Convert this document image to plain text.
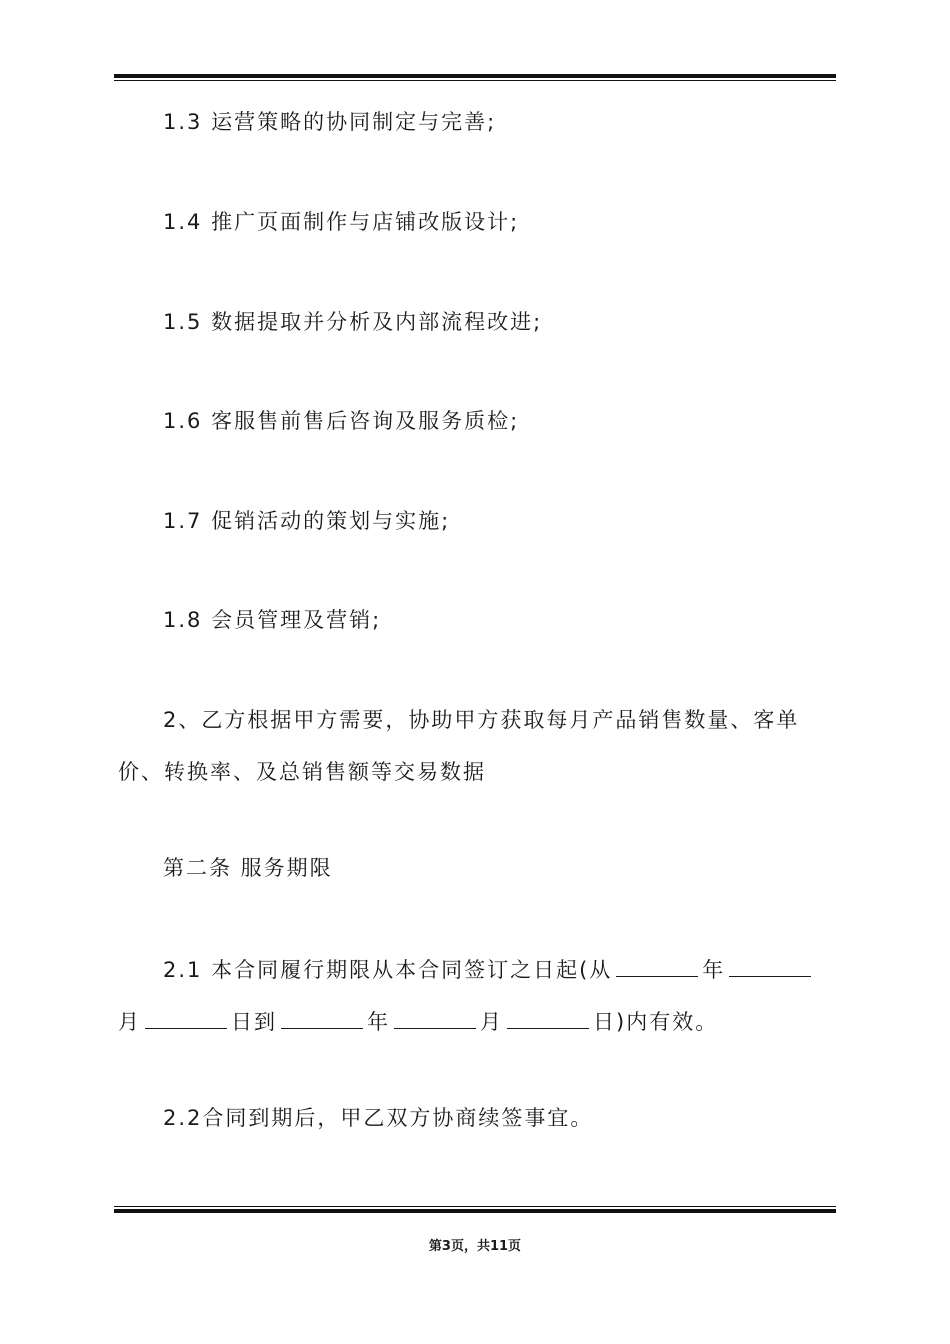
1.3 运营策略的协同制定与完善;

1.4 推广页面制作与店铺改版设计;

1.5 数据提取并分析及内部流程改进;

1.6 客服售前售后咨询及服务质检;

1.7 促销活动的策划与实施;

1.8 会员管理及营销;

2、乙方根据甲方需要，协助甲方获取每月产品销售数量、客单价、转换率、及总销售额等交易数据

第二条 服务期限

2.1 本合同履行期限从本合同签订之日起(从	年月	日到	年	月	日)内有效。

2.2合同到期后，甲乙双方协商续签事宜。

第3页，共11页
